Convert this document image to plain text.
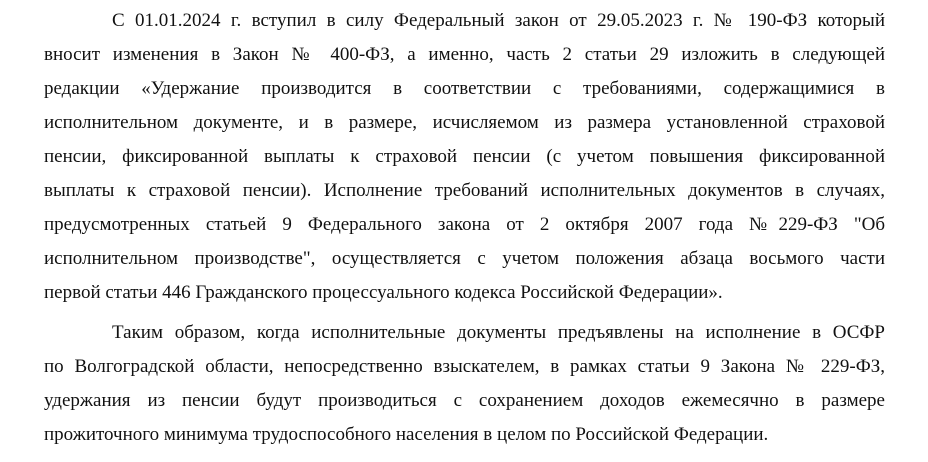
С 01.01.2024 г. вступил в силу Федеральный закон от 29.05.2023 г. № 190-ФЗ который
вносит изменения в Закон № 400-ФЗ, а именно, часть 2 статьи 29 изложить в следующей
редакции «Удержание производится в соответствии с требованиями, содержащимися в
исполнительном документе, и в размере, исчисляемом из размера установленной страховой
пенсии, фиксированной выплаты к страховой пенсии (с учетом повышения фиксированной
выплаты к страховой пенсии). Исполнение требований исполнительных документов в случаях,
предусмотренных статьей 9 Федерального закона от 2 октября 2007 года №229-ФЗ "Об
исполнительном производстве", осуществляется с учетом положения абзаца восьмого части
первой статьи 446 Гражданского процессуального кодекса Российской Федерации».
Таким образом, когда исполнительные документы предъявлены на исполнение в ОСФР
по Волгоградской области, непосредственно взыскателем, в рамках статьи 9 Закона № 229-ФЗ,
удержания из пенсии будут производиться с сохранением доходов ежемесячно в размере
прожиточного минимума трудоспособного населения в целом по Российской Федерации.
